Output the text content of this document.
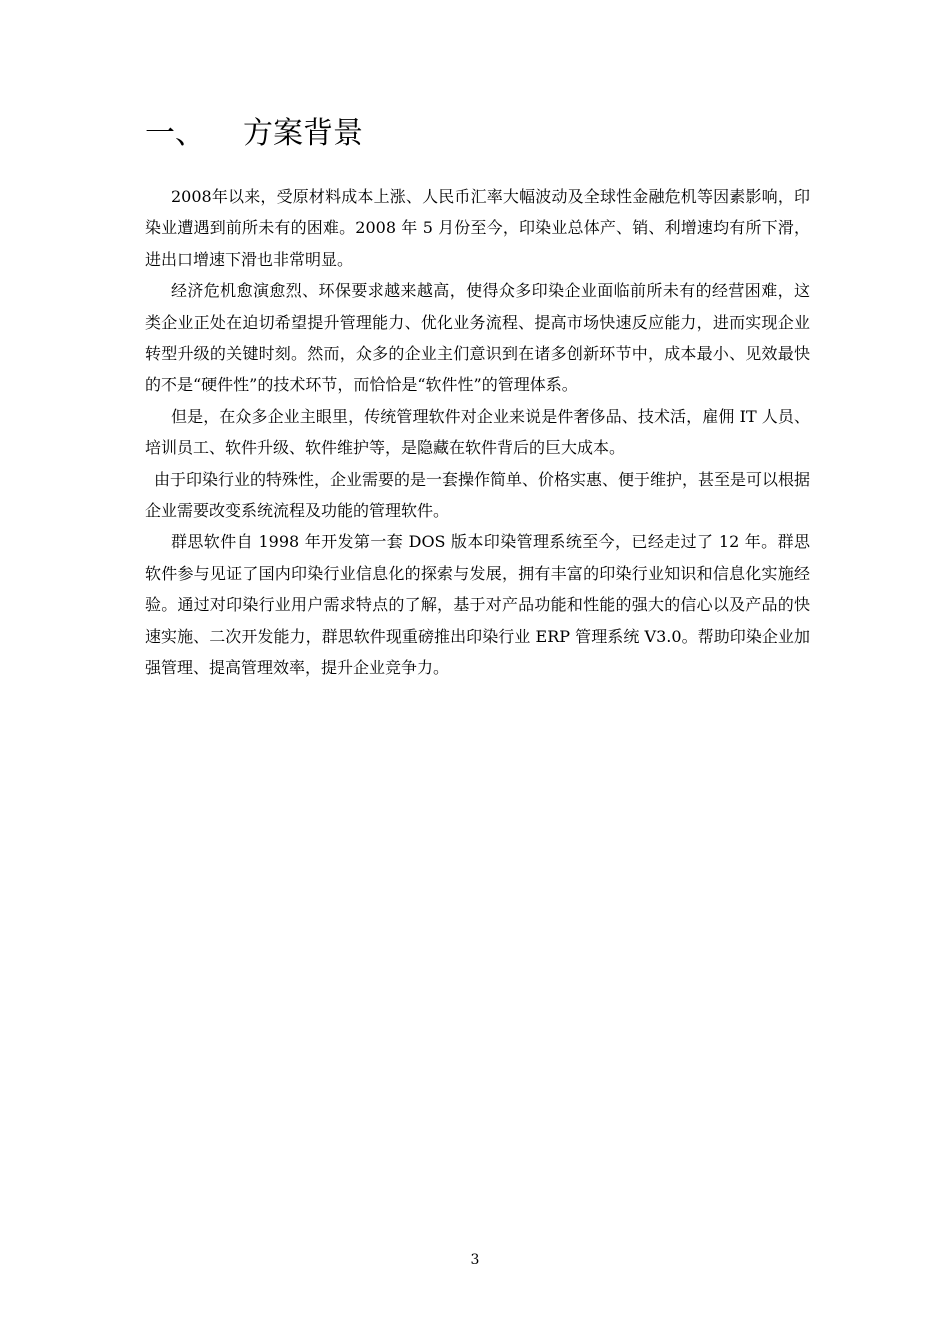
一、 方案背景

2008年以来，受原材料成本上涨、人民币汇率大幅波动及全球性金融危机等因素影响，印染业遭遇到前所未有的困难。2008 年 5 月份至今，印染业总体产、销、利增速均有所下滑，进出口增速下滑也非常明显。

经济危机愈演愈烈、环保要求越来越高，使得众多印染企业面临前所未有的经营困难，这类企业正处在迫切希望提升管理能力、优化业务流程、提高市场快速反应能力，进而实现企业转型升级的关键时刻。然而，众多的企业主们意识到在诸多创新环节中，成本最小、见效最快的不是“硬件性”的技术环节，而恰恰是“软件性”的管理体系。

但是，在众多企业主眼里，传统管理软件对企业来说是件奢侈品、技术活，雇佣 IT 人员、培训员工、软件升级、软件维护等，是隐藏在软件背后的巨大成本。

由于印染行业的特殊性，企业需要的是一套操作简单、价格实惠、便于维护，甚至是可以根据企业需要改变系统流程及功能的管理软件。

群思软件自 1998 年开发第一套 DOS 版本印染管理系统至今，已经走过了 12 年。群思软件参与见证了国内印染行业信息化的探索与发展，拥有丰富的印染行业知识和信息化实施经验。通过对印染行业用户需求特点的了解，基于对产品功能和性能的强大的信心以及产品的快速实施、二次开发能力，群思软件现重磅推出印染行业 ERP 管理系统 V3.0。帮助印染企业加强管理、提高管理效率，提升企业竞争力。

3
